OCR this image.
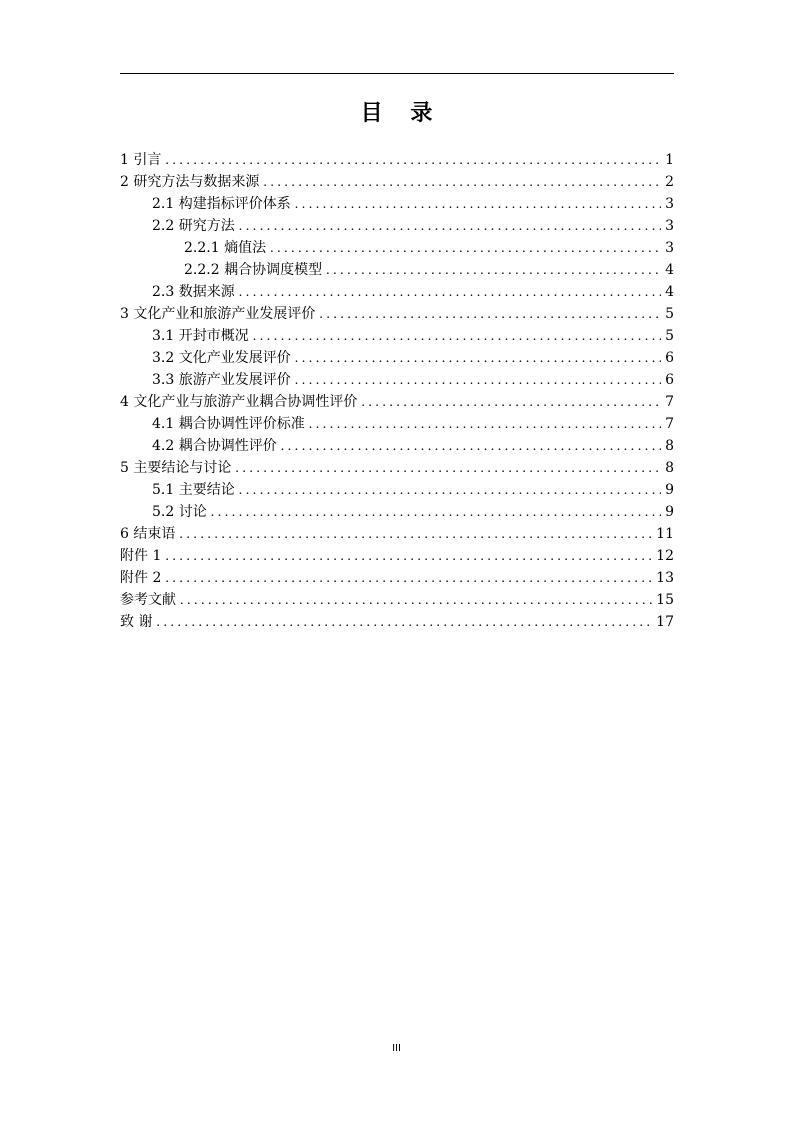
目 录
1 引言 .....	1
2 研究方法与数据来源 .....	2
2.1 构建指标评价体系 .....	3
2.2 研究方法 .....	3
2.2.1 熵值法 .....	3
2.2.2 耦合协调度模型 .....	4
2.3 数据来源 .....	4
3 文化产业和旅游产业发展评价 .....	5
3.1 开封市概况 .....	5
3.2 文化产业发展评价 .....	6
3.3 旅游产业发展评价 .....	6
4 文化产业与旅游产业耦合协调性评价 .....	7
4.1 耦合协调性评价标准 .....	7
4.2 耦合协调性评价 .....	8
5 主要结论与讨论 .....	8
5.1 主要结论 .....	9
5.2 讨论 .....	9
6 结束语 .....	11
附件 1 .....	12
附件 2 .....	13
参考文献 .....	15
致 谢 .....	17
III
